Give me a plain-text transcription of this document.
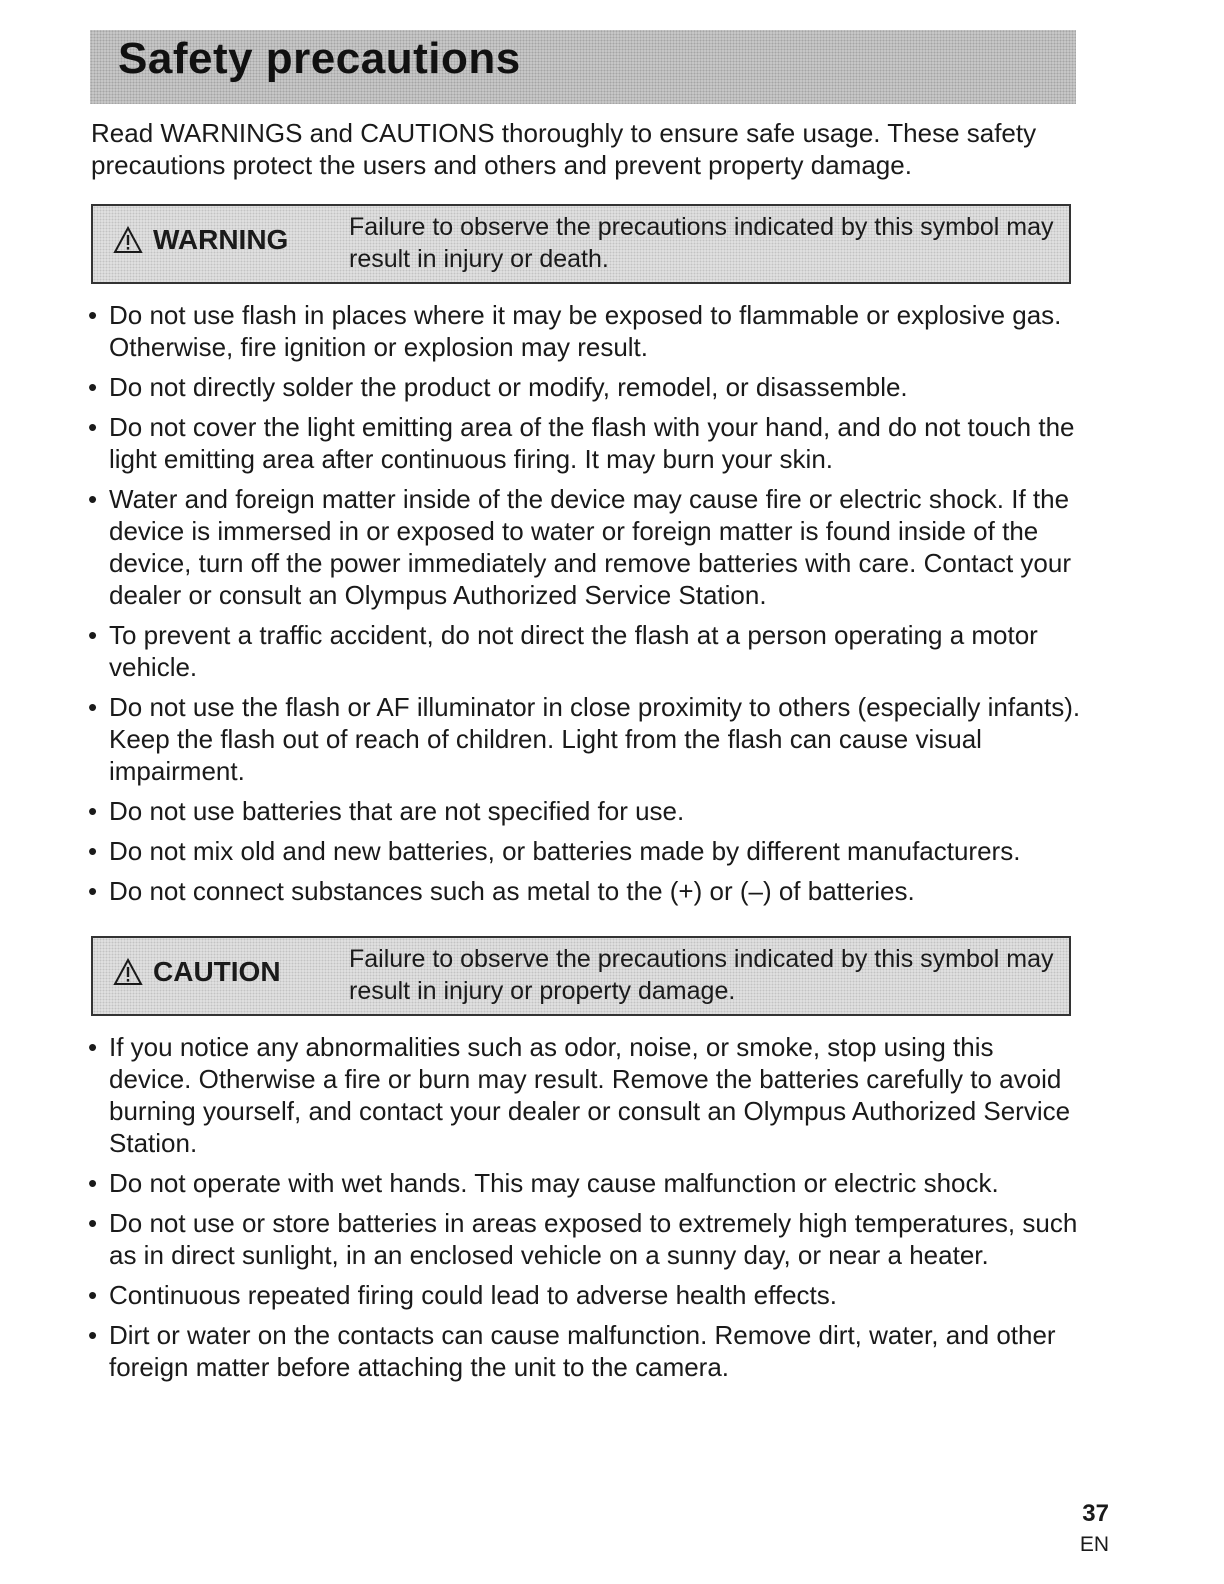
Safety precautions
Read WARNINGS and CAUTIONS thoroughly to ensure safe usage. These safety precautions protect the users and others and prevent property damage.
WARNING Failure to observe the precautions indicated by this symbol may result in injury or death.
• Do not use flash in places where it may be exposed to flammable or explosive gas. Otherwise, fire ignition or explosion may result.
• Do not directly solder the product or modify, remodel, or disassemble.
• Do not cover the light emitting area of the flash with your hand, and do not touch the light emitting area after continuous firing. It may burn your skin.
• Water and foreign matter inside of the device may cause fire or electric shock. If the device is immersed in or exposed to water or foreign matter is found inside of the device, turn off the power immediately and remove batteries with care. Contact your dealer or consult an Olympus Authorized Service Station.
• To prevent a traffic accident, do not direct the flash at a person operating a motor vehicle.
• Do not use the flash or AF illuminator in close proximity to others (especially infants). Keep the flash out of reach of children. Light from the flash can cause visual impairment.
• Do not use batteries that are not specified for use.
• Do not mix old and new batteries, or batteries made by different manufacturers.
• Do not connect substances such as metal to the (+) or (–) of batteries.
CAUTION	Failure to observe the precautions indicated by this symbol may result in injury or property damage.
• If you notice any abnormalities such as odor, noise, or smoke, stop using this device. Otherwise a fire or burn may result. Remove the batteries carefully to avoid burning yourself, and contact your dealer or consult an Olympus Authorized Service Station.
• Do not operate with wet hands. This may cause malfunction or electric shock.
• Do not use or store batteries in areas exposed to extremely high temperatures, such as in direct sunlight, in an enclosed vehicle on a sunny day, or near a heater.
• Continuous repeated firing could lead to adverse health effects.
• Dirt or water on the contacts can cause malfunction. Remove dirt, water, and other foreign matter before attaching the unit to the camera.
37
EN
